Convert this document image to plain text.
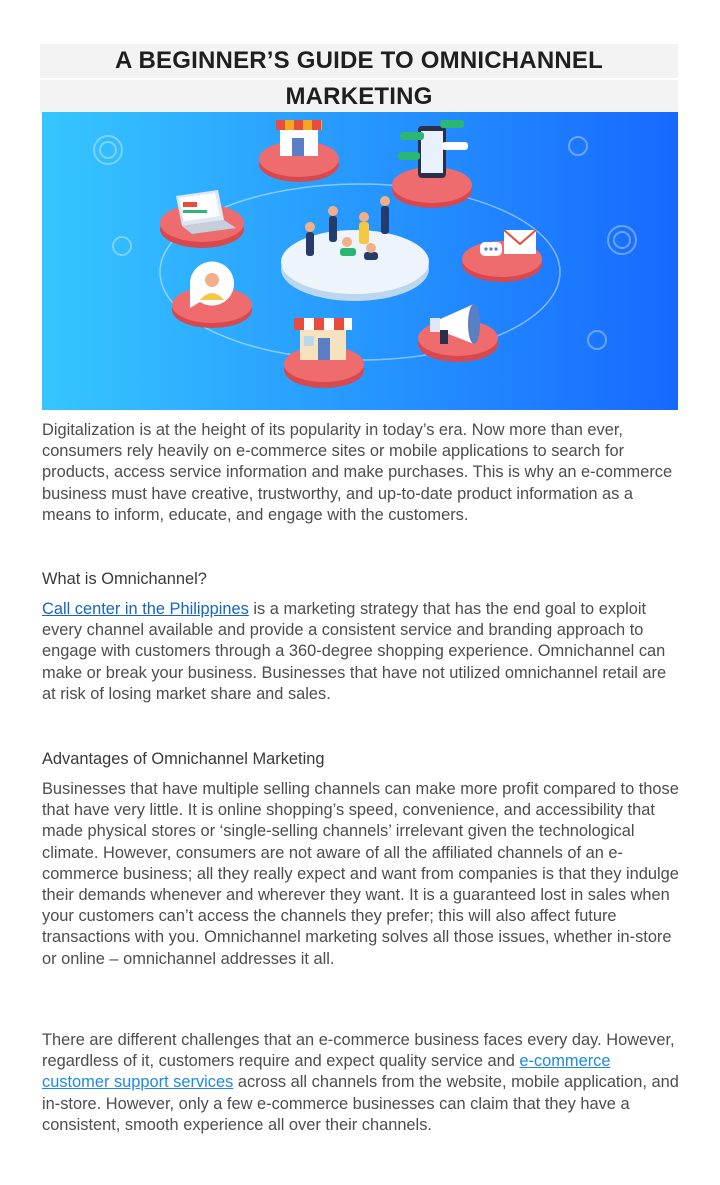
A BEGINNER’S GUIDE TO OMNICHANNEL
MARKETING
Digitalization is at the height of its popularity in today’s era. Now more than ever, consumers rely heavily on e-commerce sites or mobile applications to search for products, access service information and make purchases. This is why an e-commerce business must have creative, trustworthy, and up-to-date product information as a means to inform, educate, and engage with the customers.
What is Omnichannel?
Call center in the Philippines is a marketing strategy that has the end goal to exploit every channel available and provide a consistent service and branding approach to engage with customers through a 360-degree shopping experience. Omnichannel can make or break your business. Businesses that have not utilized omnichannel retail are at risk of losing market share and sales.
Advantages of Omnichannel Marketing
Businesses that have multiple selling channels can make more profit compared to those that have very little. It is online shopping’s speed, convenience, and accessibility that made physical stores or ‘single-selling channels’ irrelevant given the technological climate. However, consumers are not aware of all the affiliated channels of an e-commerce business; all they really expect and want from companies is that they indulge their demands whenever and wherever they want. It is a guaranteed lost in sales when your customers can’t access the channels they prefer; this will also affect future transactions with you. Omnichannel marketing solves all those issues, whether in-store or online – omnichannel addresses it all.
There are different challenges that an e-commerce business faces every day. However, regardless of it, customers require and expect quality service and e-commerce customer support services across all channels from the website, mobile application, and in-store. However, only a few e-commerce businesses can claim that they have a consistent, smooth experience all over their channels.
